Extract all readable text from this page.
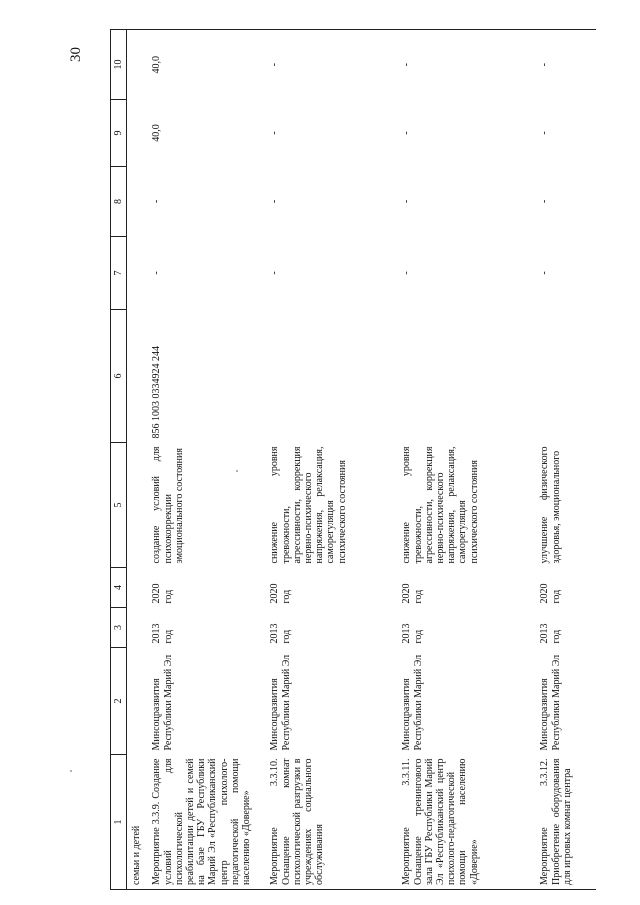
30
1	2	3	4	5	6	7	8	9	10
семьи и детей									
Мероприятие 3.3.9. Создание условий для психологической реабилитации детей и семей на базе ГБУ Республики Марий Эл «Республиканский центр психолого-педагогической помощи населению «Доверие»	Минсоцразвития Республики Марий Эл	2013 год	2020 год	создание условий для психокоррекции эмоционального состояния	856 1003 0334924 244	-	-	40,0	40,0
Мероприятие 3.3.10. Оснащение комнат психологической разгрузки в учреждениях социального обслуживания	Минсоцразвития Республики Марий Эл	2013 год	2020 год	снижение уровня тревожности, агрессивности, коррекция нервно-психического напряжения, релаксация, саморегуляция психического состояния		-	-	-	-
Мероприятие 3.3.11. Оснащение тренингового зала ГБУ Республики Марий Эл «Республиканский центр психолого-педагогической помощи населению «Доверие»	Минсоцразвития Республики Марий Эл	2013 год	2020 год	снижение уровня тревожности, агрессивности, коррекция нервно-психического напряжения, релаксация, саморегуляция психического состояния		-	-	-	-
Мероприятие 3.3.12. Приобретение оборудования для игровых комнат центра	Минсоцразвития Республики Марий Эл	2013 год	2020 год	улучшение физического здоровья, эмоционального		-	-	-	-
